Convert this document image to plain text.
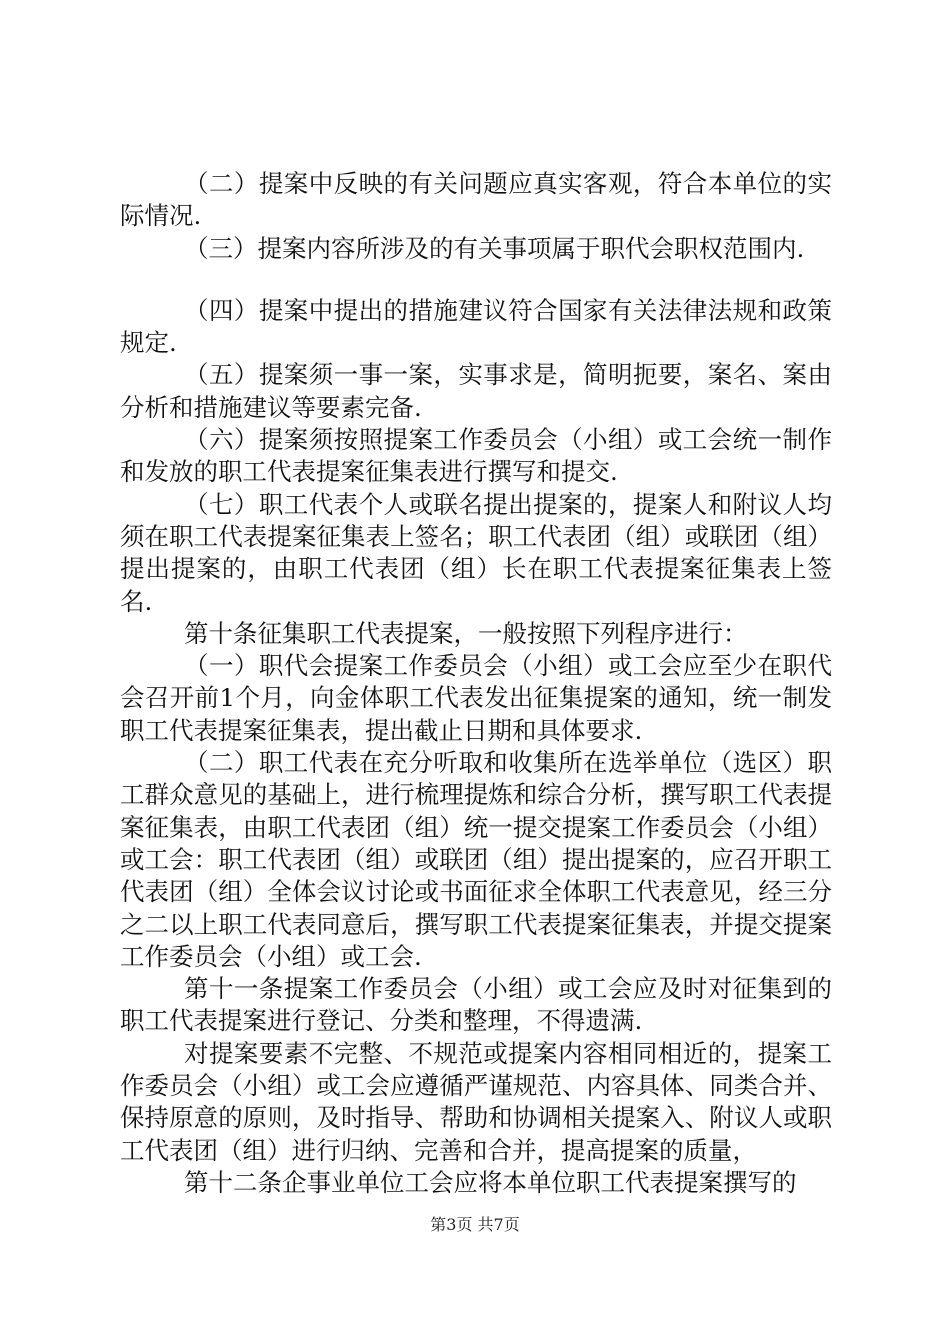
（二）提案中反映的有关问题应真实客观，符合本单位的实际情况.

（三）提案内容所涉及的有关事项属于职代会职权范围内.

（四）提案中提出的措施建议符合国家有关法律法规和政策规定.

（五）提案须一事一案，实事求是，简明扼要，案名、案由分析和措施建议等要素完备.

（六）提案须按照提案工作委员会（小组）或工会统一制作和发放的职工代表提案征集表进行撰写和提交.

（七）职工代表个人或联名提出提案的，提案人和附议人均须在职工代表提案征集表上签名；职工代表团（组）或联团（组）提出提案的，由职工代表团（组）长在职工代表提案征集表上签名.

第十条征集职工代表提案，一般按照下列程序进行：

（一）职代会提案工作委员会（小组）或工会应至少在职代会召开前1个月，向金体职工代表发出征集提案的通知，统一制发职工代表提案征集表，提出截止日期和具体要求.

（二）职工代表在充分听取和收集所在选举单位（选区）职工群众意见的基础上，进行梳理提炼和综合分析，撰写职工代表提案征集表，由职工代表团（组）统一提交提案工作委员会（小组）或工会：职工代表团（组）或联团（组）提出提案的，应召开职工代表团（组）全体会议讨论或书面征求全体职工代表意见，经三分之二以上职工代表同意后，撰写职工代表提案征集表，并提交提案工作委员会（小组）或工会.

第十一条提案工作委员会（小组）或工会应及时对征集到的职工代表提案进行登记、分类和整理，不得遗满.

对提案要素不完整、不规范或提案内容相同相近的，提案工作委员会（小组）或工会应遵循严谨规范、内容具体、同类合并、保持原意的原则，及时指导、帮助和协调相关提案入、附议人或职工代表团（组）进行归纳、完善和合并，提高提案的质量，

第十二条企事业单位工会应将本单位职工代表提案撰写的

第3页 共7页
